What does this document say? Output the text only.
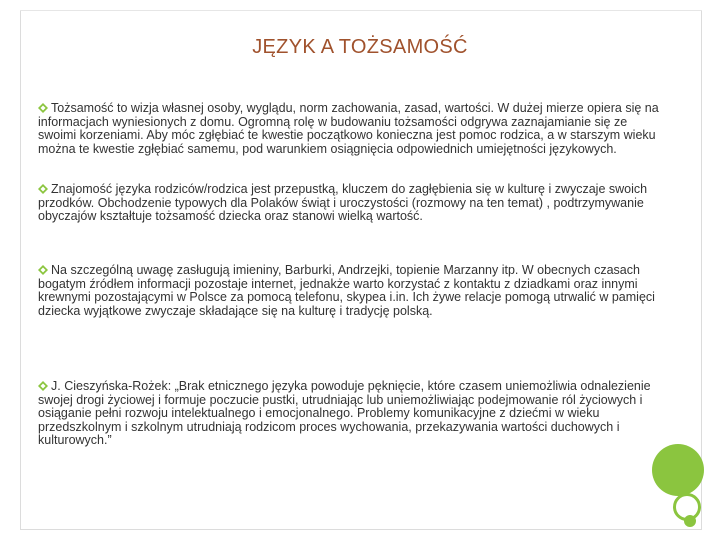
JĘZYK A TOŻSAMOŚĆ

Tożsamość to wizja własnej osoby, wyglądu, norm zachowania, zasad, wartości. W dużej mierze opiera się na informacjach wyniesionych z domu. Ogromną rolę w budowaniu tożsamości odgrywa zaznajamianie się ze swoimi korzeniami. Aby móc zgłębiać te kwestie początkowo konieczna jest pomoc rodzica, a w starszym wieku można te kwestie zgłębiać samemu, pod warunkiem osiągnięcia odpowiednich umiejętności językowych.

Znajomość języka rodziców/rodzica jest przepustką, kluczem do zagłębienia się w kulturę i zwyczaje swoich przodków. Obchodzenie typowych dla Polaków świąt i uroczystości (rozmowy na ten temat) , podtrzymywanie obyczajów kształtuje tożsamość dziecka oraz stanowi wielką wartość.

Na szczególną uwagę zasługują imieniny, Barburki, Andrzejki, topienie Marzanny itp. W obecnych czasach bogatym źródłem informacji pozostaje internet, jednakże warto korzystać z kontaktu z dziadkami oraz innymi krewnymi pozostającymi w Polsce za pomocą telefonu, skypea i.in. Ich żywe relacje pomogą utrwalić w pamięci dziecka wyjątkowe zwyczaje składające się na kulturę i tradycję polską.

J. Cieszyńska-Rożek: „Brak etnicznego języka powoduje pęknięcie, które czasem uniemożliwia odnalezienie swojej drogi życiowej i formuje poczucie pustki, utrudniając lub uniemożliwiając podejmowanie ról życiowych i osiąganie pełni rozwoju intelektualnego i emocjonalnego. Problemy komunikacyjne z dziećmi w wieku przedszkolnym i szkolnym utrudniają rodzicom proces wychowania, przekazywania wartości duchowych i kulturowych.”
